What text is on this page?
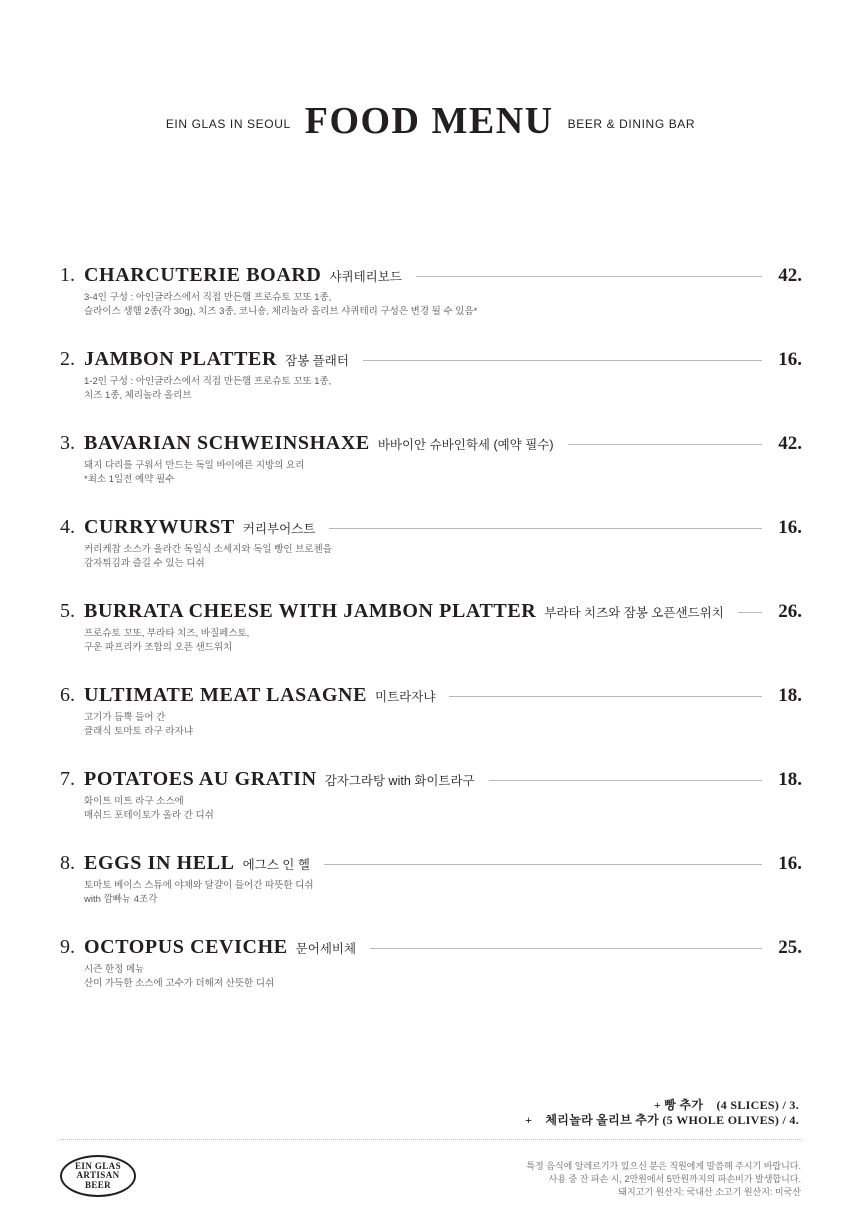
EIN GLAS IN SEOUL FOOD MENU BEER & DINING BAR
1. CHARCUTERIE BOARD 샤퀴테리보드	42.
3-4인 구성 : 아인글라스에서 직접 만든햄 프로슈토 꼬또 1종,
슬라이스 생햄 2종(각 30g), 치즈 3종, 코니숑, 체리놀라 올리브 샤퀴테리 구성은 변경 될 수 있음*
2. JAMBON PLATTER 잠봉 플래터	16.
1-2인 구성 : 아인글라스에서 직접 만든햄 프로슈토 꼬또 1종,
치즈 1종, 체리놀라 올리브
3. BAVARIAN SCHWEINSHAXE 바바이안 슈바인학세 (예약 필수)	42.
돼지 다리를 구워서 만드는 독일 바이에른 지방의 요리
*최소 1일전 예약 필수
4. CURRYWURST 커리부어스트	16.
커리케찹 소스가 올라간 독일식 소세지와 독일 빵인 브로첸을
감자튀김과 즐길 수 있는 디쉬
5. BURRATA CHEESE WITH JAMBON PLATTER 부라타 치즈와 잠봉 오픈샌드위치	26.
프로슈토 꼬또, 부라타 치즈, 바질페스토,
구운 파프리카 조합의 오픈 샌드위치
6. ULTIMATE MEAT LASAGNE 미트라자냐	18.
고기가 듬뿍 들어 간
클래식 토마토 라구 라자냐
7. POTATOES AU GRATIN 감자그라탕 with 화이트라구	18.
화이트 미트 라구 소스에
매쉬드 포테이토가 올라 간 디쉬
8. EGGS IN HELL 에그스 인 헬	16.
토마토 베이스 스튜에 야채와 달걀이 들어간 따뜻한 디쉬
with 깜빠뉴 4조각
9. OCTOPUS CEVICHE 문어세비체	25.
시즌 한정 메뉴
산미 가득한 소스에 고수가 더해져 산뜻한 디쉬
+ 빵 추가    (4 SLICES) / 3.
+    체리놀라 올리브 추가 (5 WHOLE OLIVES) / 4.
EIN GLAS
ARTISAN
BEER
특정 음식에 알레르기가 있으신 분은 직원에게 말씀해 주시기 바랍니다.
사용 중 잔 파손 시, 2만원에서 5만원까지의 파손비가 발생합니다.
돼지고기 원산지: 국내산 소고기 원산지: 미국산
